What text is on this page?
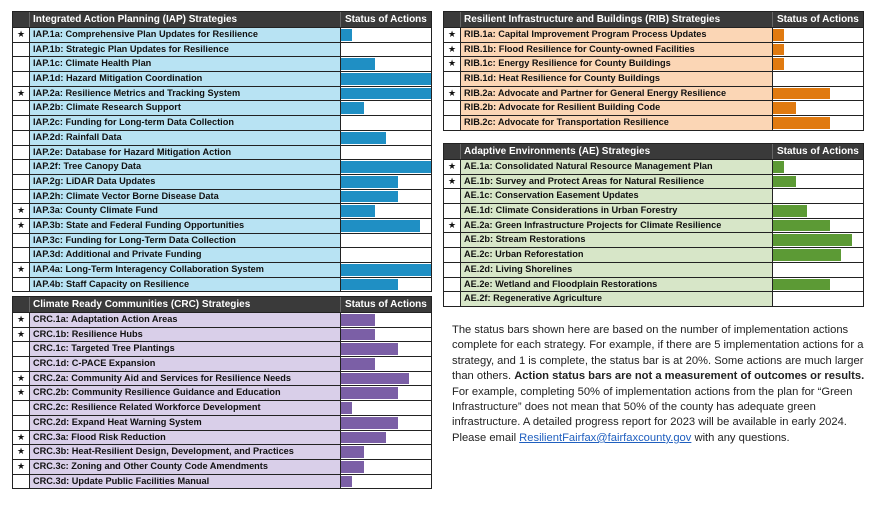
Integrated Action Planning (IAP) Strategies	Status of Actions
★ IAP.1a: Comprehensive Plan Updates for Resilience
IAP.1b: Strategic Plan Updates for Resilience
IAP.1c: Climate Health Plan
IAP.1d: Hazard Mitigation Coordination
★ IAP.2a: Resilience Metrics and Tracking System
IAP.2b: Climate Research Support
IAP.2c: Funding for Long-term Data Collection
IAP.2d: Rainfall Data
IAP.2e: Database for Hazard Mitigation Action
IAP.2f: Tree Canopy Data
IAP.2g: LiDAR Data Updates
IAP.2h: Climate Vector Borne Disease Data
★ IAP.3a: County Climate Fund
★ IAP.3b: State and Federal Funding Opportunities
IAP.3c: Funding for Long-Term Data Collection
IAP.3d: Additional and Private Funding
★ IAP.4a: Long-Term Interagency Collaboration System
IAP.4b: Staff Capacity on Resilience
Climate Ready Communities (CRC) Strategies	Status of Actions
★ CRC.1a: Adaptation Action Areas
★ CRC.1b: Resilience Hubs
CRC.1c: Targeted Tree Plantings
CRC.1d: C-PACE Expansion
★ CRC.2a: Community Aid and Services for Resilience Needs
★ CRC.2b: Community Resilience Guidance and Education
CRC.2c: Resilience Related Workforce Development
CRC.2d: Expand Heat Warning System
★ CRC.3a: Flood Risk Reduction
★ CRC.3b: Heat-Resilient Design, Development, and Practices
★ CRC.3c: Zoning and Other County Code Amendments
CRC.3d: Update Public Facilities Manual
Resilient Infrastructure and Buildings (RIB) Strategies	Status of Actions
★ RIB.1a: Capital Improvement Program Process Updates
★ RIB.1b: Flood Resilience for County-owned Facilities
★ RIB.1c: Energy Resilience for County Buildings
RIB.1d: Heat Resilience for County Buildings
★ RIB.2a: Advocate and Partner for General Energy Resilience
RIB.2b: Advocate for Resilient Building Code
RIB.2c: Advocate for Transportation Resilience
Adaptive Environments (AE) Strategies	Status of Actions
★ AE.1a: Consolidated Natural Resource Management Plan
★ AE.1b: Survey and Protect Areas for Natural Resilience
AE.1c: Conservation Easement Updates
AE.1d: Climate Considerations in Urban Forestry
★ AE.2a: Green Infrastructure Projects for Climate Resilience
AE.2b: Stream Restorations
AE.2c: Urban Reforestation
AE.2d: Living Shorelines
AE.2e: Wetland and Floodplain Restorations
AE.2f: Regenerative Agriculture
The status bars shown here are based on the number of implementation actions complete for each strategy. For example, if there are 5 implementation actions for a strategy, and 1 is complete, the status bar is at 20%. Some actions are much larger than others. Action status bars are not a measurement of outcomes or results. For example, completing 50% of implementation actions from the plan for “Green Infrastructure” does not mean that 50% of the county has adequate green infrastructure. A detailed progress report for 2023 will be available in early 2024. Please email ResilientFairfax@fairfaxcounty.gov with any questions.
